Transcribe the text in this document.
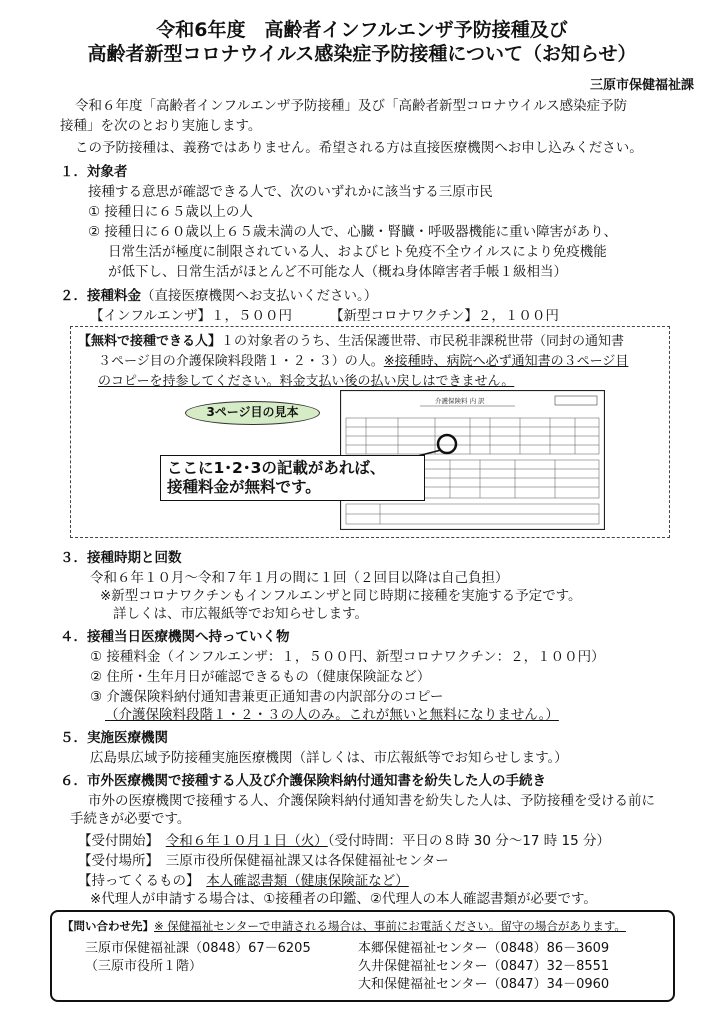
令和6年度　高齢者インフルエンザ予防接種及び
高齢者新型コロナウイルス感染症予防接種について（お知らせ）
三原市保健福祉課
令和６年度「高齢者インフルエンザ予防接種」及び「高齢者新型コロナウイルス感染症予防
接種」を次のとおり実施します。
この予防接種は、義務ではありません。希望される方は直接医療機関へお申し込みください。
１．対象者
接種する意思が確認できる人で、次のいずれかに該当する三原市民
① 接種日に６５歳以上の人
② 接種日に６０歳以上６５歳未満の人で、心臓・腎臓・呼吸器機能に重い障害があり、
日常生活が極度に制限されている人、およびヒト免疫不全ウイルスにより免疫機能
が低下し、日常生活がほとんど不可能な人（概ね身体障害者手帳１級相当）
２．接種料金（直接医療機関へお支払いください。）
【インフルエンザ】１，５００円	【新型コロナワクチン】２，１００円
【無料で接種できる人】１の対象者のうち、生活保護世帯、市民税非課税世帯（同封の通知書
３ページ目の介護保険料段階１・２・３）の人。※接種時、病院へ必ず通知書の３ページ目
のコピーを持参してください。料金支払い後の払い戻しはできません。
介護保険料 内 訳
3ページ目の見本
ここに1･2･3の記載があれば、
接種料金が無料です。
３．接種時期と回数
令和６年１０月～令和７年１月の間に１回（２回目以降は自己負担）
※新型コロナワクチンもインフルエンザと同じ時期に接種を実施する予定です。
詳しくは、市広報紙等でお知らせします。
４．接種当日医療機関へ持っていく物
① 接種料金（インフルエンザ：１，５００円、新型コロナワクチン：２，１００円）
② 住所・生年月日が確認できるもの（健康保険証など）
③ 介護保険料納付通知書兼更正通知書の内訳部分のコピー
（介護保険料段階１・２・３の人のみ。これが無いと無料になりません。）
５．実施医療機関
広島県広域予防接種実施医療機関（詳しくは、市広報紙等でお知らせします。）
６．市外医療機関で接種する人及び介護保険料納付通知書を紛失した人の手続き
市外の医療機関で接種する人、介護保険料納付通知書を紛失した人は、予防接種を受ける前に
手続きが必要です。
【受付開始】　 令和６年１０月１日（火）（受付時間：平日の８時 30 分～17 時 15 分）
【受付場所】　 三原市役所保健福祉課又は各保健福祉センター
【持ってくるもの】　 本人確認書類（健康保険証など）
※代理人が申請する場合は、①接種者の印鑑、②代理人の本人確認書類が必要です。
【問い合わせ先】※ 保健福祉センターで申請される場合は、事前にお電話ください。留守の場合があります。
三原市保健福祉課（0848）67－6205
（三原市役所１階）
本郷保健福祉センター（0848）86－3609
久井保健福祉センター（0847）32－8551
大和保健福祉センター（0847）34－0960
